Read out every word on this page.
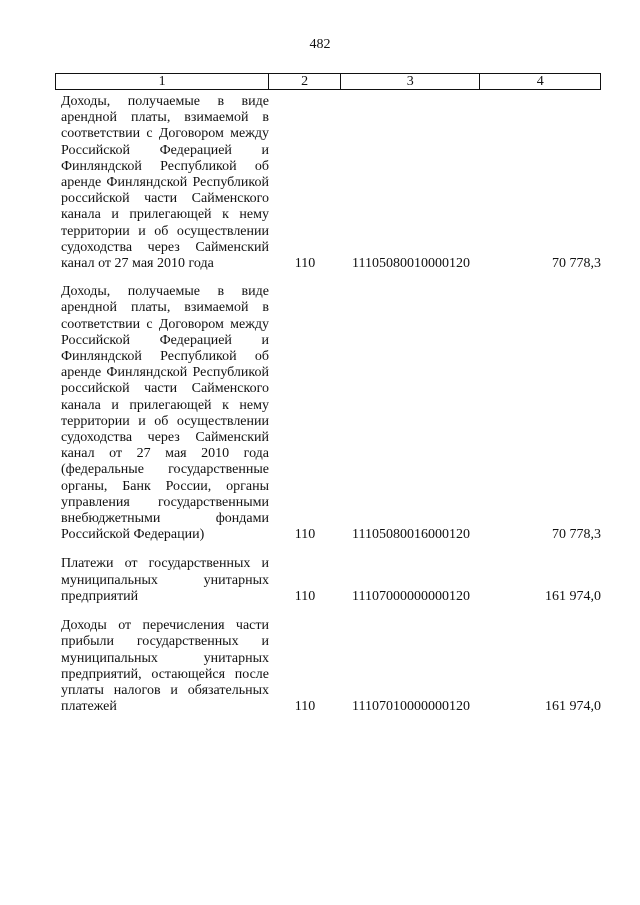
482
1	2	3	4
Доходы, получаемые в виде арендной платы, взимаемой в соответствии с Договором между Российской Федерацией и Финляндской Республикой об аренде Финляндской Республикой российской части Сайменского канала и прилегающей к нему территории и об осуществлении судоходства через Сайменский канал от 27 мая 2010 года	110	11105080010000120	70 778,3
Доходы, получаемые в виде арендной платы, взимаемой в соответствии с Договором между Российской Федерацией и Финляндской Республикой об аренде Финляндской Республикой российской части Сайменского канала и прилегающей к нему территории и об осуществлении судоходства через Сайменский канал от 27 мая 2010 года (федеральные государственные органы, Банк России, органы управления государственными внебюджетными фондами Российской Федерации)	110	11105080016000120	70 778,3
Платежи от государственных и муниципальных унитарных предприятий	110	11107000000000120	161 974,0
Доходы от перечисления части прибыли государственных и муниципальных унитарных предприятий, остающейся после уплаты налогов и обязательных платежей	110	11107010000000120	161 974,0
